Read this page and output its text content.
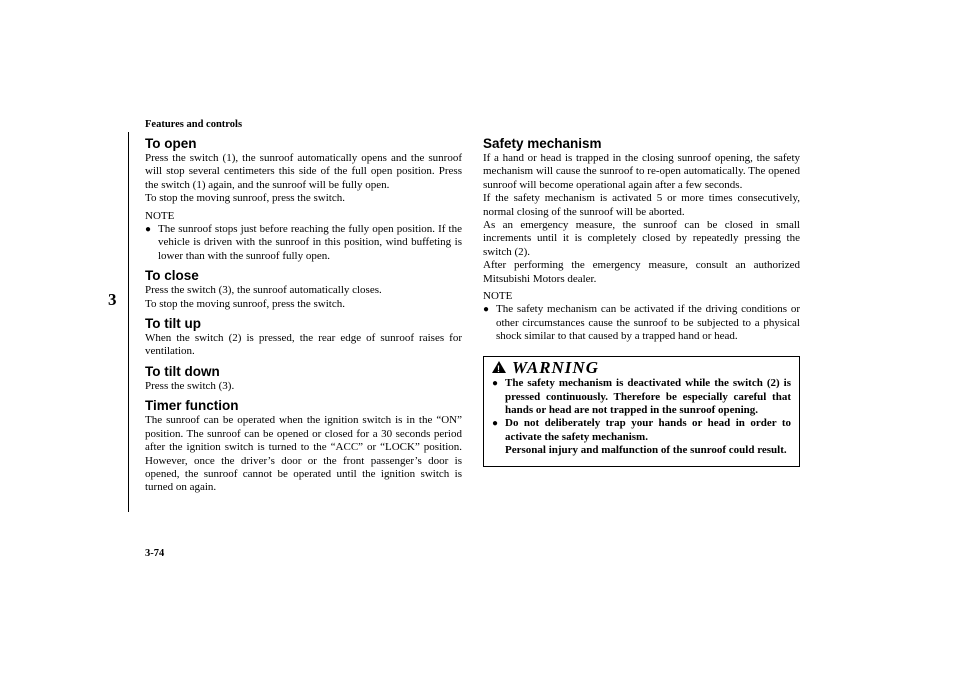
Features and controls
3
3-74
To open

Press the switch (1), the sunroof automatically opens and the sunroof will stop several centimeters this side of the full open position. Press the switch (1) again, and the sunroof will be fully open.

To stop the moving sunroof, press the switch.

NOTE
● The sunroof stops just before reaching the fully open position. If the vehicle is driven with the sunroof in this position, wind buffeting is lower than with the sunroof fully open.
To close

Press the switch (3), the sunroof automatically closes.

To stop the moving sunroof, press the switch.

To tilt up

When the switch (2) is pressed, the rear edge of sunroof raises for ventilation.

To tilt down

Press the switch (3).

Timer function

The sunroof can be operated when the ignition switch is in the “ON” position. The sunroof can be opened or closed for a 30 seconds period after the ignition switch is turned to the “ACC” or “LOCK” position. However, once the driver’s door or the front passenger’s door is opened, the sunroof cannot be operated until the ignition switch is turned on again.

Safety mechanism

If a hand or head is trapped in the closing sunroof opening, the safety mechanism will cause the sunroof to re-open automatically. The opened sunroof will become operational again after a few seconds.

If the safety mechanism is activated 5 or more times consecutively, normal closing of the sunroof will be aborted.

As an emergency measure, the sunroof can be closed in small increments until it is completely closed by repeatedly pressing the switch (2).

After performing the emergency measure, consult an authorized Mitsubishi Motors dealer.

NOTE
● The safety mechanism can be activated if the driving conditions or other circumstances cause the sunroof to be subjected to a physical shock similar to that caused by a trapped hand or head.
! WARNING
● The safety mechanism is deactivated while the switch (2) is pressed continuously. Therefore be especially careful that hands or head are not trapped in the sunroof opening.
● Do not deliberately trap your hands or head in order to activate the safety mechanism.
Personal injury and malfunction of the sunroof could result.
